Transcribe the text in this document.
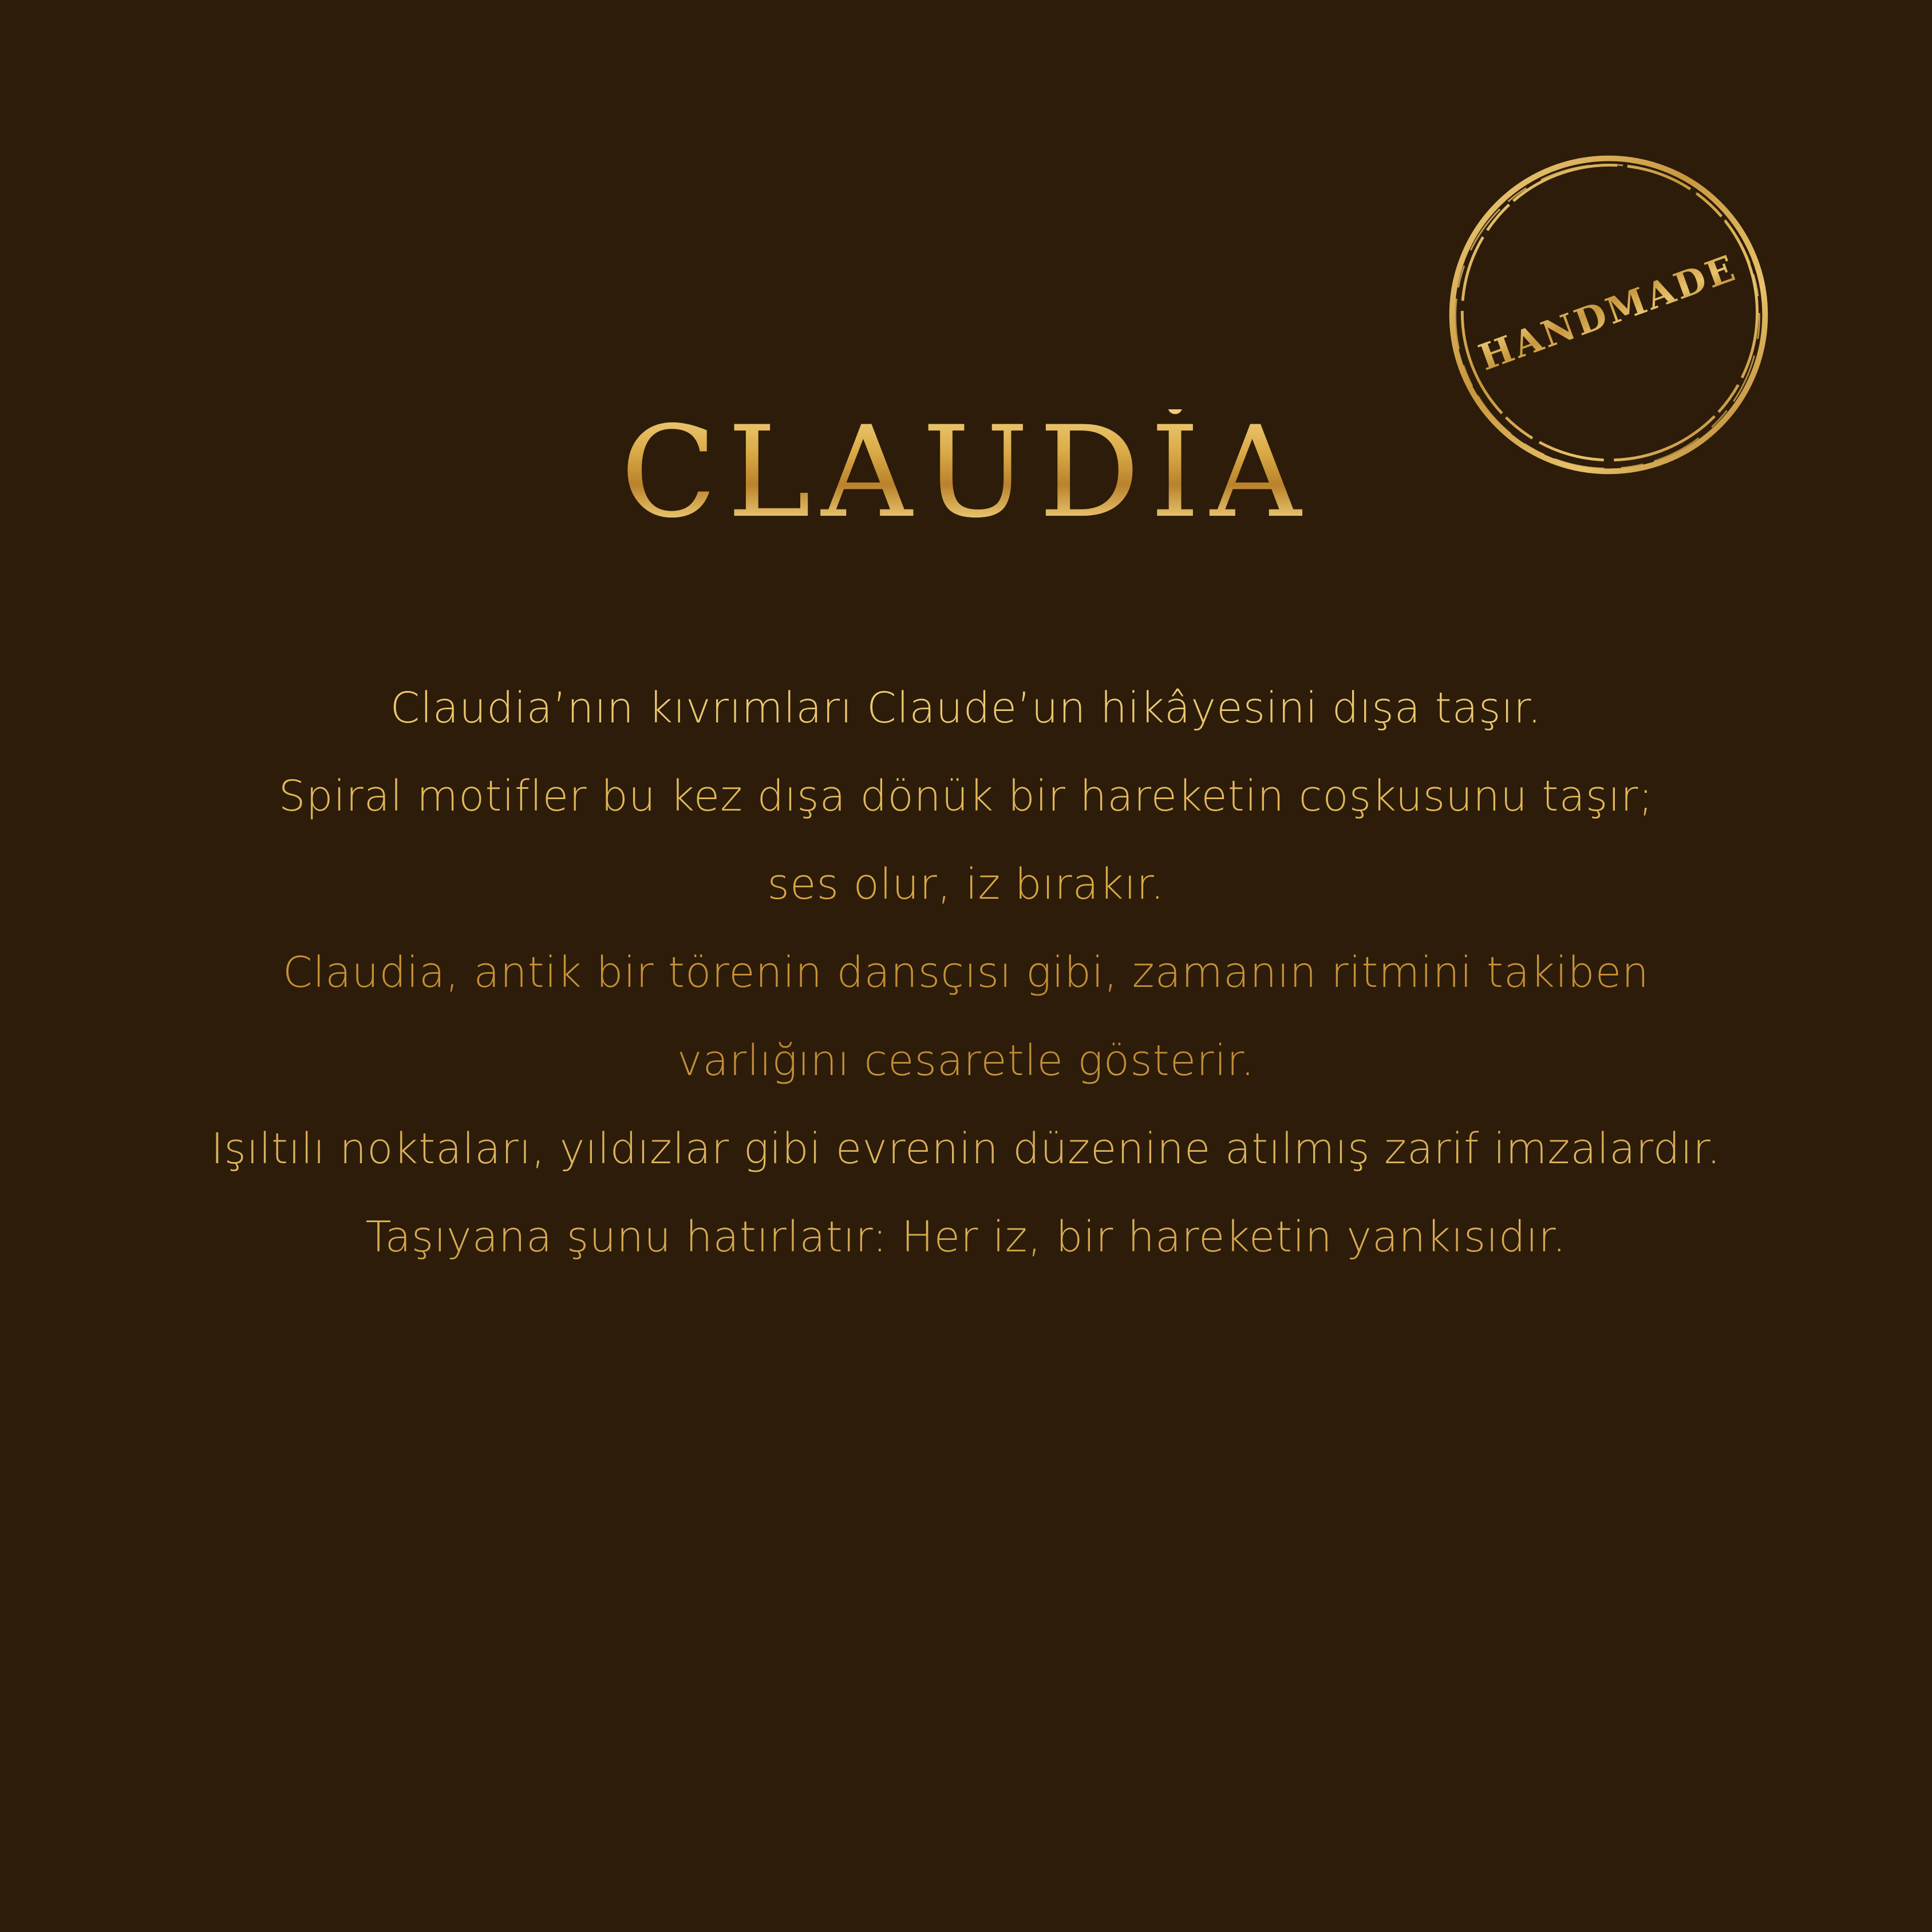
HANDMADE
CLAUDİA
Claudia’nın kıvrımları Claude’un hikâyesini dışa taşır.
Spiral motifler bu kez dışa dönük bir hareketin coşkusunu taşır;
ses olur, iz bırakır.
Claudia, antik bir törenin dansçısı gibi, zamanın ritmini takiben
varlığını cesaretle gösterir.
Işıltılı noktaları, yıldızlar gibi evrenin düzenine atılmış zarif imzalardır.
Taşıyana şunu hatırlatır: Her iz, bir hareketin yankısıdır.
